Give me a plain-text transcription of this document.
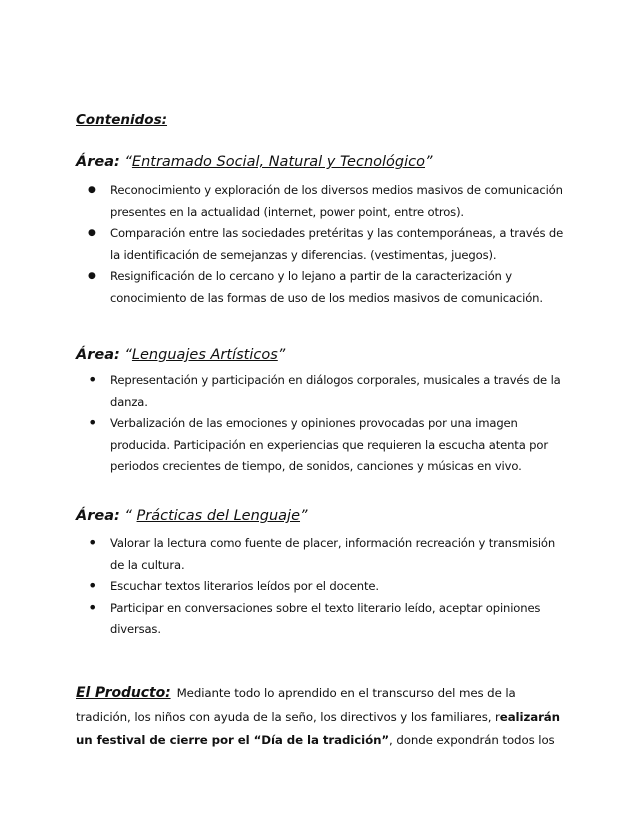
Contenidos:
Área: “Entramado Social, Natural y Tecnológico”
● Reconocimiento y exploración de los diversos medios masivos de comunicación presentes en la actualidad (internet, power point, entre otros).
● Comparación entre las sociedades pretéritas y las contemporáneas, a través de la identificación de semejanzas y diferencias. (vestimentas, juegos).
● Resignificación de lo cercano y lo lejano a partir de la caracterización y conocimiento de las formas de uso de los medios masivos de comunicación.
Área: “Lenguajes Artísticos”
• Representación y participación en diálogos corporales, musicales a través de la danza.
• Verbalización de las emociones y opiniones provocadas por una imagen producida. Participación en experiencias que requieren la escucha atenta por periodos crecientes de tiempo, de sonidos, canciones y músicas en vivo.
Área: “ Prácticas del Lenguaje”
• Valorar la lectura como fuente de placer, información recreación y transmisión de la cultura.
• Escuchar textos literarios leídos por el docente.
• Participar en conversaciones sobre el texto literario leído, aceptar opiniones diversas.
El Producto: Mediante todo lo aprendido en el transcurso del mes de la tradición, los niños con ayuda de la seño, los directivos y los familiares, realizarán un festival de cierre por el “Día de la tradición”, donde expondrán todos los
